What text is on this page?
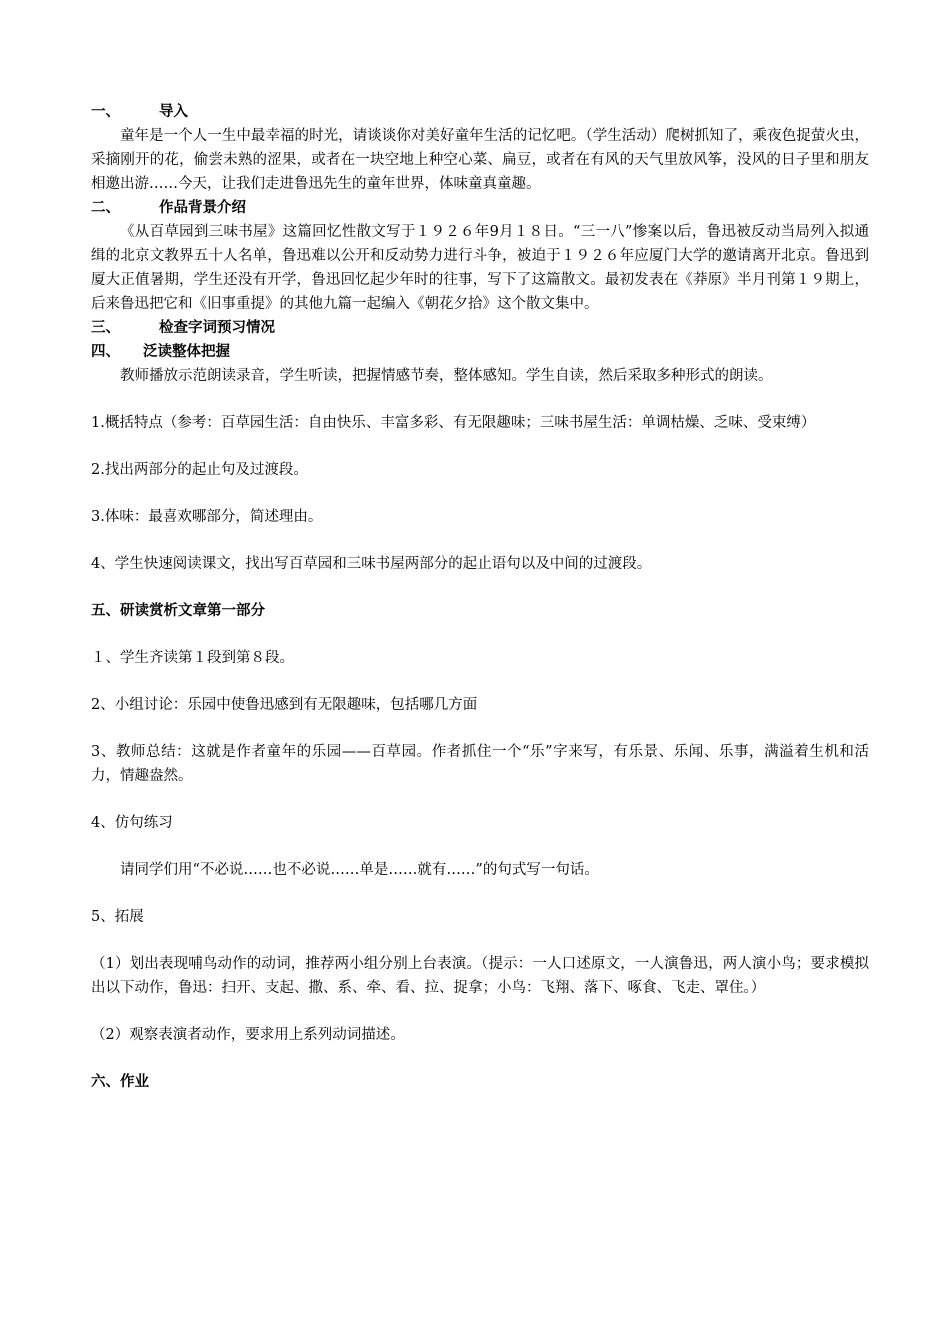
一、	导入
童年是一个人一生中最幸福的时光，请谈谈你对美好童年生活的记忆吧。（学生活动）爬树抓知了，乘夜色捉萤火虫，采摘刚开的花，偷尝未熟的涩果，或者在一块空地上种空心菜、扁豆，或者在有风的天气里放风筝，没风的日子里和朋友相邀出游……今天，让我们走进鲁迅先生的童年世界，体味童真童趣。
二、	作品背景介绍
《从百草园到三味书屋》这篇回忆性散文写于１９２６年9月１８日。“三一八”惨案以后，鲁迅被反动当局列入拟通缉的北京文教界五十人名单，鲁迅难以公开和反动势力进行斗争，被迫于１９２６年应厦门大学的邀请离开北京。鲁迅到厦大正值暑期，学生还没有开学，鲁迅回忆起少年时的往事，写下了这篇散文。最初发表在《莽原》半月刊第１９期上，后来鲁迅把它和《旧事重提》的其他九篇一起编入《朝花夕拾》这个散文集中。
三、	检查字词预习情况
四、 泛读整体把握
教师播放示范朗读录音，学生听读，把握情感节奏，整体感知。学生自读，然后采取多种形式的朗读。
1.概括特点（参考：百草园生活：自由快乐、丰富多彩、有无限趣味；三味书屋生活：单调枯燥、乏味、受束缚）
2.找出两部分的起止句及过渡段。
3.体味：最喜欢哪部分，简述理由。
4、学生快速阅读课文，找出写百草园和三味书屋两部分的起止语句以及中间的过渡段。
五、研读赏析文章第一部分
１、学生齐读第１段到第８段。
2、小组讨论：乐园中使鲁迅感到有无限趣味，包括哪几方面
3、教师总结：这就是作者童年的乐园——百草园。作者抓住一个“乐”字来写，有乐景、乐闻、乐事，满溢着生机和活力，情趣盎然。
4、仿句练习
请同学们用“不必说……也不必说……单是……就有……”的句式写一句话。
5、拓展
（1）划出表现哺鸟动作的动词，推荐两小组分别上台表演。（提示：一人口述原文，一人演鲁迅，两人演小鸟；要求模拟出以下动作，鲁迅：扫开、支起、撒、系、牵、看、拉、捉拿；小鸟：飞翔、落下、啄食、飞走、罩住。）
（2）观察表演者动作，要求用上系列动词描述。
六、作业
